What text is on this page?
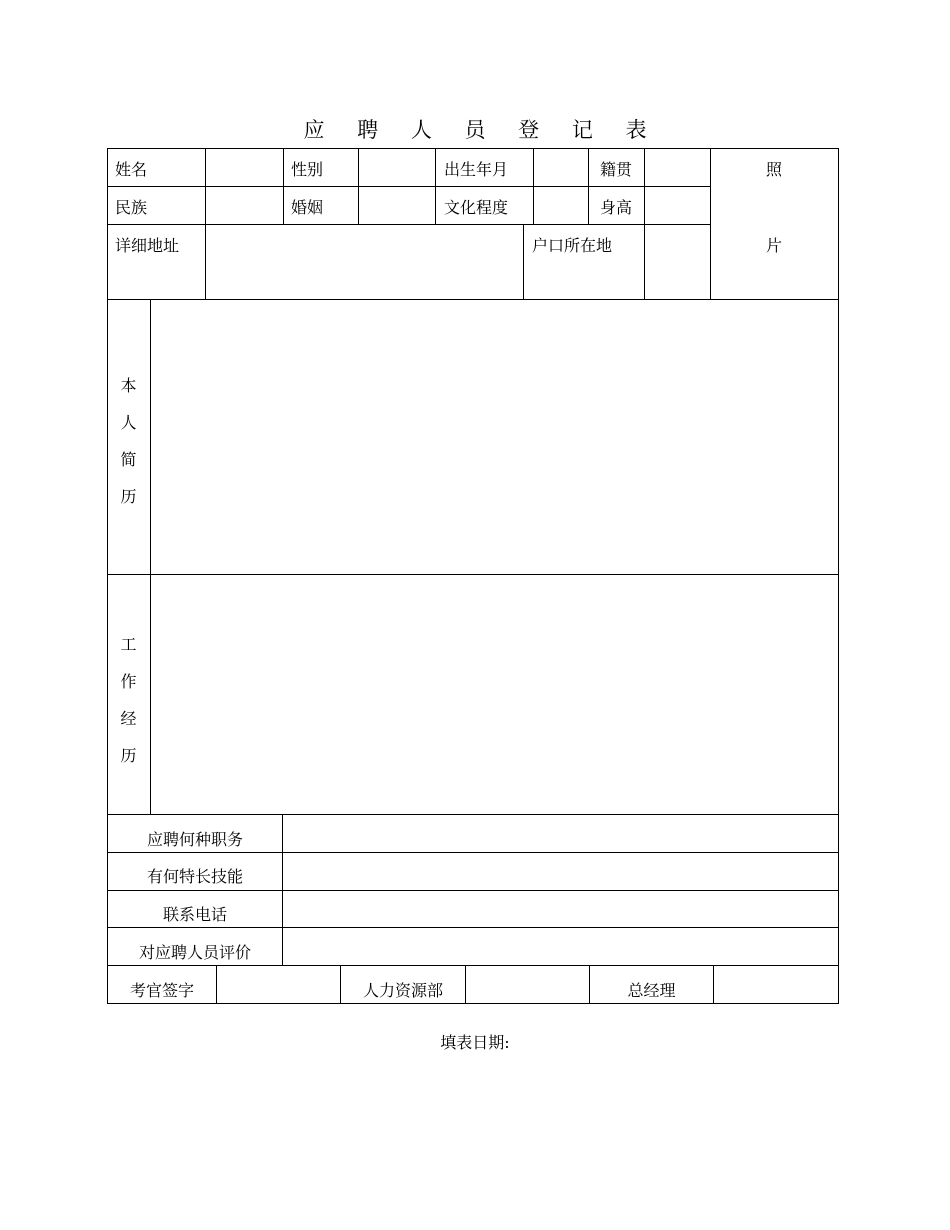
应 聘 人 员 登 记 表
姓名	性别	出生年月	籍贯
民族	婚姻	文化程度	身高
详细地址	户口所在地
照
片
本
人
简
历
工
作
经
历
应聘何种职务
有何特长技能
联系电话
对应聘人员评价
考官签字	人力资源部	总经理
填表日期:
